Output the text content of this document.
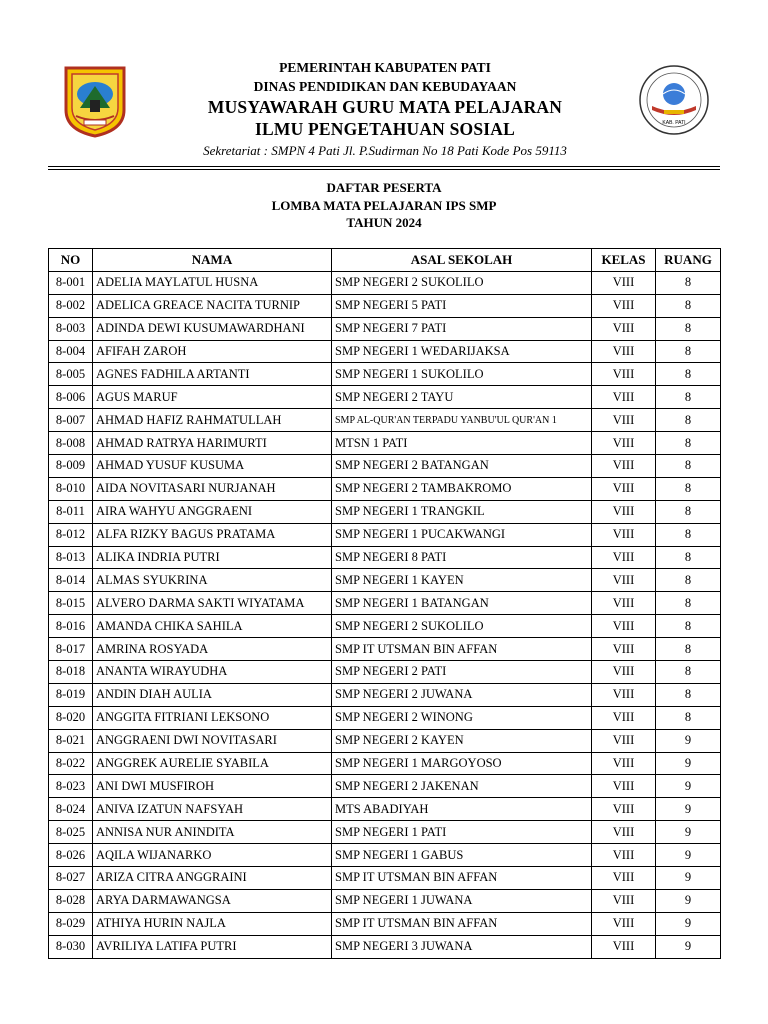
PEMERINTAH KABUPATEN PATI
DINAS PENDIDIKAN DAN KEBUDAYAAN
MUSYAWARAH GURU MATA PELAJARAN
ILMU PENGETAHUAN SOSIAL
Sekretariat : SMPN 4 Pati Jl. P.Sudirman No 18 Pati Kode Pos 59113
KAB. PATI
DAFTAR PESERTA
LOMBA MATA PELAJARAN IPS SMP
TAHUN 2024
NO	NAMA	ASAL SEKOLAH	KELAS	RUANG
8-001	ADELIA MAYLATUL HUSNA	SMP NEGERI 2 SUKOLILO	VIII	8
8-002	ADELICA GREACE NACITA TURNIP	SMP NEGERI 5 PATI	VIII	8
8-003	ADINDA DEWI KUSUMAWARDHANI	SMP NEGERI 7 PATI	VIII	8
8-004	AFIFAH ZAROH	SMP NEGERI 1 WEDARIJAKSA	VIII	8
8-005	AGNES FADHILA ARTANTI	SMP NEGERI 1 SUKOLILO	VIII	8
8-006	AGUS MARUF	SMP NEGERI 2 TAYU	VIII	8
8-007	AHMAD HAFIZ RAHMATULLAH	SMP AL-QUR'AN TERPADU YANBU'UL QUR'AN 1	VIII	8
8-008	AHMAD RATRYA HARIMURTI	MTSN 1 PATI	VIII	8
8-009	AHMAD YUSUF KUSUMA	SMP NEGERI 2 BATANGAN	VIII	8
8-010	AIDA NOVITASARI NURJANAH	SMP NEGERI 2 TAMBAKROMO	VIII	8
8-011	AIRA WAHYU ANGGRAENI	SMP NEGERI 1 TRANGKIL	VIII	8
8-012	ALFA RIZKY BAGUS PRATAMA	SMP NEGERI 1 PUCAKWANGI	VIII	8
8-013	ALIKA INDRIA PUTRI	SMP NEGERI 8 PATI	VIII	8
8-014	ALMAS SYUKRINA	SMP NEGERI 1 KAYEN	VIII	8
8-015	ALVERO DARMA SAKTI WIYATAMA	SMP NEGERI 1 BATANGAN	VIII	8
8-016	AMANDA CHIKA SAHILA	SMP NEGERI 2 SUKOLILO	VIII	8
8-017	AMRINA ROSYADA	SMP IT UTSMAN BIN AFFAN	VIII	8
8-018	ANANTA WIRAYUDHA	SMP NEGERI 2 PATI	VIII	8
8-019	ANDIN DIAH AULIA	SMP NEGERI 2 JUWANA	VIII	8
8-020	ANGGITA FITRIANI LEKSONO	SMP NEGERI 2 WINONG	VIII	8
8-021	ANGGRAENI DWI NOVITASARI	SMP NEGERI 2 KAYEN	VIII	9
8-022	ANGGREK AURELIE SYABILA	SMP NEGERI 1 MARGOYOSO	VIII	9
8-023	ANI DWI MUSFIROH	SMP NEGERI 2 JAKENAN	VIII	9
8-024	ANIVA IZATUN NAFSYAH	MTS ABADIYAH	VIII	9
8-025	ANNISA NUR ANINDITA	SMP NEGERI 1 PATI	VIII	9
8-026	AQILA WIJANARKO	SMP NEGERI 1 GABUS	VIII	9
8-027	ARIZA CITRA ANGGRAINI	SMP IT UTSMAN BIN AFFAN	VIII	9
8-028	ARYA DARMAWANGSA	SMP NEGERI 1 JUWANA	VIII	9
8-029	ATHIYA HURIN NAJLA	SMP IT UTSMAN BIN AFFAN	VIII	9
8-030	AVRILIYA LATIFA PUTRI	SMP NEGERI 3 JUWANA	VIII	9
